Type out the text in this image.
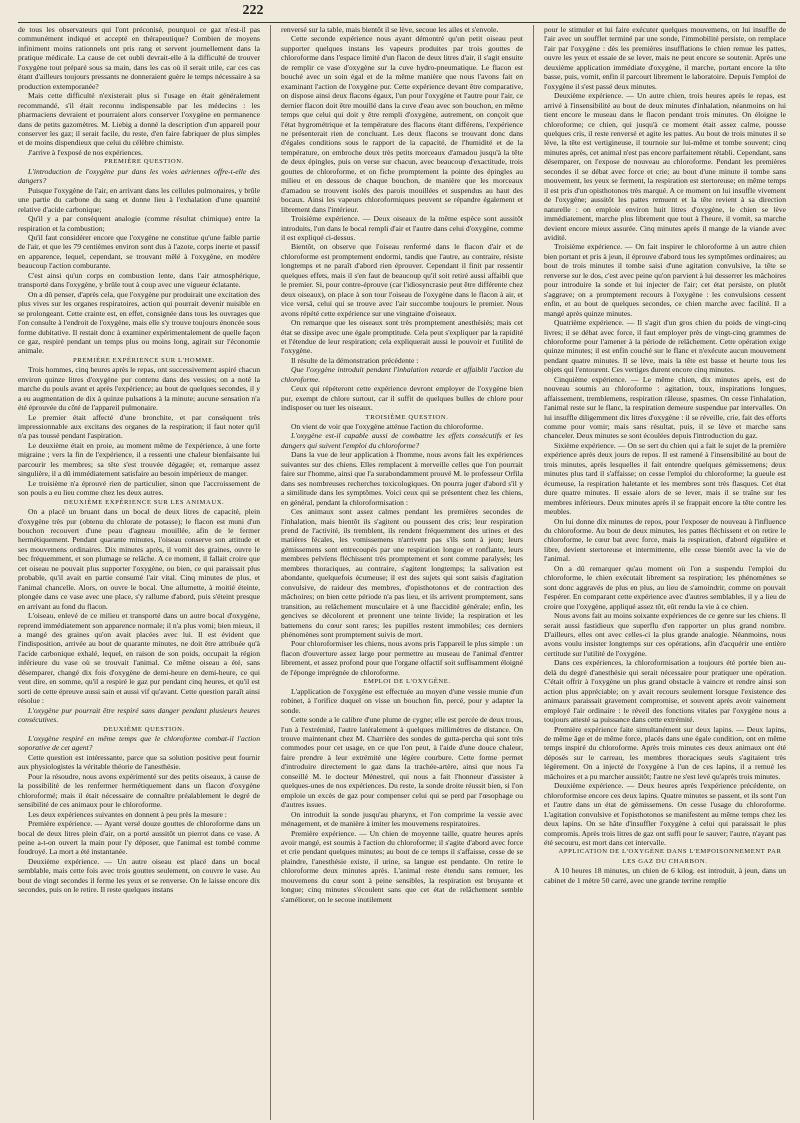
222

de tous les observateurs qui l'ont préconisé, pourquoi ce gaz n'est-il pas communément indiqué et accepté en thérapeutique? Combien de moyens infiniment moins rationnels ont pris rang et servent journellement dans la pratique médicale. La cause de cet oubli devrait-elle à la difficulté de trouver l'oxygène tout préparé sous sa main, dans les cas où il serait utile, car ces cas étant d'ailleurs toujours pressants ne donneraient guère le temps nécessaire à sa production extemporanée?

Mais cette difficulté n'existerait plus si l'usage en était généralement recommandé, s'il était reconnu indispensable par les médecins : les pharmaciens devraient et pourraient alors conserver l'oxygène en permanence dans de petits gazomètres. M. Liebig a donné la description d'un appareil pour conserver les gaz; il serait facile, du reste, d'en faire fabriquer de plus simples et de moins dispendieux que celui du célèbre chimiste.

J'arrive à l'exposé de nos expériences.

PREMIÈRE QUESTION.

L'introduction de l'oxygène pur dans les voies aériennes offre-t-elle des dangers?

Puisque l'oxygène de l'air, en arrivant dans les cellules pulmonaires, y brûle une partie du carbone du sang et donne lieu à l'exhalation d'une quantité relative d'acide carbonique;

Qu'il y a par conséquent analogie (comme résultat chimique) entre la respiration et la combustion;

Qu'il faut considérer encore que l'oxygène ne constitue qu'une faible partie de l'air, et que les 79 centièmes environ sont dus à l'azote, corps inerte et passif en apparence, lequel, cependant, se trouvant mêlé à l'oxygène, en modère beaucoup l'action comburante.

C'est ainsi qu'un corps en combustion lente, dans l'air atmosphérique, transporté dans l'oxygène, y brûle tout à coup avec une vigueur éclatante.

On a dû penser, d'après cela, que l'oxygène pur produirait une excitation des plus vives sur les organes respiratoires, action qui pourrait devenir nuisible en se prolongeant. Cette crainte est, en effet, consignée dans tous les ouvrages que l'on consulte à l'endroit de l'oxygène, mais elle s'y trouve toujours énoncée sous forme dubitative. Il restait donc à examiner expérimentalement de quelle façon ce gaz, respiré pendant un temps plus ou moins long, agirait sur l'économie animale.

PREMIÈRE EXPÉRIENCE SUR L'HOMME.

Trois hommes, cinq heures après le repas, ont successivement aspiré chacun environ quinze litres d'oxygène pur contenu dans des vessies; on a noté la marche du pouls avant et après l'expérience; au bout de quelques secondes, il y a eu augmentation de dix à quinze pulsations à la minute; aucune sensation n'a été éprouvée du côté de l'appareil pulmonaire.

Le premier était affecté d'une bronchite, et par conséquent très impressionnable aux excitans des organes de la respiration; il faut noter qu'il n'a pas toussé pendant l'aspiration.

Le deuxième était en proie, au moment même de l'expérience, à une forte migraine ; vers la fin de l'expérience, il a ressenti une chaleur bienfaisante lui parcourir les membres; sa tête s'est trouvée dégagée; et, remarque assez singulière, il a dû immédiatement satisfaire au besoin impérieux de manger.

Le troisième n'a éprouvé rien de particulier, sinon que l'accroissement de son pouls a eu lieu comme chez les deux autres.

DEUXIÈME EXPÉRIENCE SUR LES ANIMAUX.

On a placé un bruant dans un bocal de deux litres de capacité, plein d'oxygène très pur (obtenu du chlorate de potasse); le flacon est muni d'un bouchon recouvert d'une peau d'agneau mouillée, afin de le fermer hermétiquement. Pendant quarante minutes, l'oiseau conserve son attitude et ses mouvemens ordinaires. Dix minutes après, il vomit des graines, ouvre le bec fréquemment, et son plumage se relâche. A ce moment, il fallait croire que cet oiseau ne pouvait plus supporter l'oxygène, ou bien, ce qui paraissait plus probable, qu'il avait en partie consumé l'air vital. Cinq minutes de plus, et l'animal chancelle. Alors, on ouvre le bocal. Une allumette, à moitié éteinte, plongée dans ce vase avec une place, s'y rallume d'abord, puis s'éteint presque en arrivant au fond du flacon.

L'oiseau, enlevé de ce milieu et transporté dans un autre bocal d'oxygène, reprend immédiatement son apparence normale; il n'a plus vomi; bien mieux, il a mangé des graines qu'on avait placées avec lui. Il est évident que l'indisposition, arrivée au bout de quarante minutes, ne doit être attribuée qu'à l'acide carbonique exhalé, lequel, en raison de son poids, occupait la région inférieure du vase où se trouvait l'animal. Ce même oiseau a été, sans désemparer, changé dix fois d'oxygène de demi-heure en demi-heure, ce qui veut dire, en somme, qu'il a respiré le gaz pur pendant cinq heures, et qu'il est sorti de cette épreuve aussi sain et aussi vif qu'avant. Cette question paraît ainsi résolue :

L'oxygène pur pourrait être respiré sans danger pendant plusieurs heures consécutives.

DEUXIÈME QUESTION.

L'oxygène respiré en même temps que le chloroforme combat-il l'action soporative de cet agent?

Cette question est intéressante, parce que sa solution positive peut fournir aux physiologistes la véritable théorie de l'anesthésie.

Pour la résoudre, nous avons expérimenté sur des petits oiseaux, à cause de la possibilité de les renfermer hermétiquement dans un flacon d'oxygène chloroformé; mais il était nécessaire de connaître préalablement le degré de sensibilité de ces animaux pour le chloroforme.

Les deux expériences suivantes en donnent à peu près la mesure :

Première expérience. — Ayant versé douze gouttes de chloroforme dans un bocal de deux litres plein d'air, on a porté aussitôt un pierrot dans ce vase. A peine a-t-on ouvert la main pour l'y déposer, que l'animal est tombé comme foudroyé. La mort a été instantanée.

Deuxième expérience. — Un autre oiseau est placé dans un bocal semblable, mais cette fois avec trois gouttes seulement, on couvre le vase. Au bout de vingt secondes il ferme les yeux et se renverse. On le laisse encore dix secondes, puis on le retire. Il reste quelques instans

renversé sur la table, mais bientôt il se lève, secoue les ailes et s'envole.

Cette seconde expérience nous ayant démontré qu'un petit oiseau peut supporter quelques instans les vapeurs produites par trois gouttes de chloroforme dans l'espace limité d'un flacon de deux litres d'air, il s'agit ensuite de remplir ce vase d'oxygène sur la cuve hydro-pneumatique. Le flacon est bouché avec un soin égal et de la même manière que nous l'avons fait en examinant l'action de l'oxygène pur. Cette expérience devant être comparative, on dispose ainsi deux flacons égaux, l'un pour l'oxygène et l'autre pour l'air, ce dernier flacon doit être mouillé dans la cuve d'eau avec son bouchon, en même temps que celui qui doit y être rempli d'oxygène, autrement, on conçoit que l'état hygrométrique et la température des flacons étant différens, l'expérience ne présenterait rien de concluant. Les deux flacons se trouvant donc dans d'égales conditions sous le rapport de la capacité, de l'humidité et de la température, on embroche deux très petits morceaux d'amadou jusqu'à la tête de deux épingles, puis on verse sur chacun, avec beaucoup d'exactitude, trois gouttes de chloroforme, et on fiche promptement la pointe des épingles au milieu et en dessous de chaque bouchon, de manière que les morceaux d'amadou se trouvent isolés des parois mouillées et suspendus au haut des bocaux. Ainsi les vapeurs chloroformiques peuvent se répandre également et librement dans l'intérieur.

Troisième expérience. — Deux oiseaux de la même espèce sont aussitôt introduits, l'un dans le bocal rempli d'air et l'autre dans celui d'oxygène, comme il est expliqué ci-dessus.

Bientôt, on observe que l'oiseau renfermé dans le flacon d'air et de chloroforme est promptement endormi, tandis que l'autre, au contraire, résiste longtemps et ne paraît d'abord rien éprouver. Cependant il finit par ressentir quelques effets, mais il s'en faut de beaucoup qu'il soit retiré aussi affaibli que le premier. Si, pour contre-éprouve (car l'idiosyncrasie peut être différente chez deux oiseaux), on place à son tour l'oiseau de l'oxygène dans le flacon à air, et vice versâ, celui qui se trouve avec l'air succombe toujours le premier. Nous avons répété cette expérience sur une vingtaine d'oiseaux.

On remarque que les oiseaux sont très promptement anesthésiés; mais cet état se dissipe avec une égale promptitude. Cela peut s'expliquer par la rapidité et l'étendue de leur respiration; cela expliquerait aussi le pouvoir et l'utilité de l'oxygène.

Il résulte de la démonstration précédente :

Que l'oxygène introduit pendant l'inhalation retarde et affaiblit l'action du chloroforme.

Ceux qui répéteront cette expérience devront employer de l'oxygène bien pur, exempt de chlore surtout, car il suffit de quelques bulles de chlore pour indisposer ou tuer les oiseaux.

TROISIÈME QUESTION.

On vient de voir que l'oxygène atténue l'action du chloroforme.

L'oxygène est-il capable aussi de combattre les effets consécutifs et les dangers qui suivent l'emploi du chloroforme?

Dans la vue de leur application à l'homme, nous avons fait les expériences suivantes sur des chiens. Elles remplacent à merveille celles que l'on pourrait faire sur l'homme, ainsi que l'a surabondamment prouvé M. le professeur Orfila dans ses nombreuses recherches toxicologiques. On pourra juger d'abord s'il y a similitude dans les symptômes. Voici ceux qui se présentent chez les chiens, en général, pendant la chloroformisation :

Ces animaux sont assez calmes pendant les premières secondes de l'inhalation, mais bientôt ils s'agitent ou poussent des cris; leur respiration prend de l'activité, ils tremblent, ils rendent fréquemment des urines et des matières fécales, les vomissemens n'arrivent pas s'ils sont à jeun; leurs gémissemens sont entrecoupés par une respiration longue et ronflante, leurs membres pelvïens fléchissent très promptement et sont comme paralysés; les membres thoraciques, au contraire, s'agitent longtemps; la salivation est abondante, quelquefois écumeuse; il est des sujets qui sont saisis d'agitation convulsive, de raideur des membres, d'opisthotonos et de contraction des mâchoires; on bien cette période n'a pas lieu, et ils arrivent promptement, sans transition, au relâchement musculaire et à une flaccidité générale; enfin, les gencives se décolorent et prennent une teinte livide; la respiration et les battemens du cœur sont rares; les pupilles restent immobiles; ces derniers phénomènes sont promptement suivis de mort.

Pour chloroformiser les chiens, nous avons pris l'appareil le plus simple : un flacon d'ouverture assez large pour permettre au museau de l'animal d'entrer librement, et assez profond pour que l'organe olfactif soit suffisamment éloigné de l'éponge imprégnée de chloroforme.

EMPLOI DE L'OXYGÈNE.

L'application de l'oxygène est effectuée au moyen d'une vessie munie d'un robinet, à l'orifice duquel on visse un bouchon fin, percé, pour y adapter la sonde.

Cette sonde a le calibre d'une plume de cygne; elle est percée de deux trous, l'un à l'extrémité, l'autre latéralement à quelques millimètres de distance. On trouve maintenant chez M. Charrière des sondes de gutta-percha qui sont très commodes pour cet usage, en ce que l'on peut, à l'aide d'une douce chaleur, faire prendre à leur extrémité une légère courbure. Cette forme permet d'introduire directement le gaz dans la trachée-artère, ainsi que nous l'a conseillé M. le docteur Ménestrel, qui nous a fait l'honneur d'assister à quelques-unes de nos expériences. Du reste, la sonde droite réussit bien, si l'on emploie un excès de gaz pour compenser celui qui se perd par l'œsophage ou d'autres issues.

On introduit la sonde jusqu'au pharynx, et l'on comprime la vessie avec ménagement, et de manière à imiter les mouvemens respiratoires.

Première expérience. — Un chien de moyenne taille, quatre heures après avoir mangé, est soumis à l'action du chloroforme; il s'agite d'abord avec force et crie pendant quelques minutes; au bout de ce temps il s'affaisse, cesse de se plaindre, l'anesthésie existe, il urine, sa langue est pendante. On retire le chloroforme deux minutes après. L'animal reste étendu sans remuer, les mouvemens du cœur sont à peine sensibles, la respiration est bruyante et longue; cinq minutes s'écoulent sans que cet état de relâchement semble s'améliorer, on le secoue inutilement

pour le stimuler et lui faire exécuter quelques mouvemens, on lui insuffle de l'air avec un soufflet terminé par une sonde, l'immobilité persiste, on remplace l'air par l'oxygène : dès les premières insufflations le chien remue les pattes, ouvre les yeux et essaie de se lever, mais ne peut encore se soutenir. Après une deuxième application immédiate d'oxygène, il marche, portant encore la tête basse, puis, vomit, enfin il parcourt librement le laboratoire. Depuis l'emploi de l'oxygène il s'est passé deux minutes.

Deuxième expérience. — Un autre chien, trois heures après le repas, est arrivé à l'insensibilité au bout de deux minutes d'inhalation, néanmoins on lui tient encore le museau dans le flacon pendant trois minutes. On éloigne le chloroforme; ce chien, qui jusqu'à ce moment était assez calme, pousse quelques cris, il reste renversé et agite les pattes. Au bout de trois minutes il se lève, la tête est vertigineuse, il tournoie sur lui-même et tombe souvent; cinq minutes après, cet animal n'est pas encore parfaitement rétabli. Cependant, sans désemparer, on l'expose de nouveau au chloroforme. Pendant les premières secondes il se débat avec force et crie; au bout d'une minute il tombe sans mouvement, les yeux se ferment, la respiration est stertoreuse; en même temps il est pris d'un opisthotonos très marqué. A ce moment on lui insuffle vivement de l'oxygène; aussitôt les pattes remuent et la tête revient à sa direction naturelle : on emploie environ huit litres d'oxygène, le chien se lève immédiatement, marche plus librement que tout à l'heure, il vomit, sa marche devient encore mieux assurée. Cinq minutes après il mange de la viande avec avidité.

Troisième expérience. — On fait inspirer le chloroforme à un autre chien bien portant et pris à jeun, il éprouve d'abord tous les symptômes ordinaires; au bout de trois minutes il tombe saisi d'une agitation convulsive, la tête se renverse sur le dos, c'est avec peine qu'on parvient à lui desserrer les mâchoires pour introduire la sonde et lui injecter de l'air; cet état persiste, on plutôt s'aggrave; on a promptement recours à l'oxygène : les convulsions cessent enfin, et au bout de quelques secondes, ce chien marche avec facilité. Il a mangé après quinze minutes.

Quatrième expérience. — Il s'agit d'un gros chien du poids de vingt-cinq livres; il se débat avec force, il faut employer près de vingt-cinq grammes de chloroforme pour l'amener à la période de relâchement. Cette opération exige quinze minutes; il est enfin couché sur le flanc et n'exécute aucun mouvement pendant quatre minutes. Il se lève, mais la tête est basse et heurte tous les objets qui l'entourent. Ces vertiges durent encore cinq minutes.

Cinquième expérience. — Le même chien, dix minutes après, est de nouveau soumis au chloroforme : agitation, toux, inspirations longues, affaissement, tremblemens, respiration râleuse, spasmes. On cesse l'inhalation, l'animal reste sur le flanc, la respiration demeure suspendue par intervalles. On lui insuffle diligemment dix litres d'oxygène : il se réveille, crie, fait des efforts comme pour vomir; mais sans résultat, puis, il se lève et marche sans chanceler. Deux minutes se sont écoulées depuis l'introduction du gaz.

Sixième expérience. — On se sert du chien qui a fait le sujet de la première expérience après deux jours de repos. Il est ramené à l'insensibilité au bout de trois minutes, après lesquelles il fait entendre quelques gémissemens; deux minutes plus tard il s'affaisse; on cesse l'emploi du chloroforme; la gueule est écumeuse, la respiration haletante et les membres sont très flasques. Cet état dure quatre minutes. Il essaie alors de se lever, mais il se traîne sur les membres inférieurs. Deux minutes après il se frappait encore la tête contre les meubles.

On lui donne dix minutes de repos, pour l'exposer de nouveau à l'influence du chloroforme. Au bout de deux minutes, les pattes fléchissent et on retire le chloroforme, le cœur bat avec force, mais la respiration, d'abord régulière et libre, devient stertoreuse et intermittente, elle cesse bientôt avec la vie de l'animal.

On a dû remarquer qu'au moment où l'on a suspendu l'emploi du chloroforme, le chien exécutait librement sa respiration; les phénomènes se sont donc aggravés de plus en plus, au lieu de s'amoindrir, comme on pouvait l'espérer. En comparant cette expérience avec d'autres semblables, il y a lieu de croire que l'oxygène, appliqué assez tôt, eût rendu la vie à ce chien.

Nous avons fait au moins soixante expériences de ce genre sur les chiens. Il serait aussi fastidieux que superflu d'en rapporter un plus grand nombre. D'ailleurs, elles ont avec celles-ci la plus grande analogie. Néanmoins, nous avons voulu insister longtemps sur ces opérations, afin d'acquérir une entière certitude sur l'utilité de l'oxygène.

Dans ces expériences, la chloroformisation a toujours été portée bien au-delà du degré d'anesthésie qui serait nécessaire pour pratiquer une opération. C'était offrir à l'oxygène un plus grand obstacle à vaincre et rendre ainsi son action plus appréciable; on y avait recours seulement lorsque l'existence des animaux paraissait gravement compromise, et souvent après avoir vainement employé l'air ordinaire : le réveil des fonctions vitales par l'oxygène nous a toujours attesté sa puissance dans cette extrémité.

Première expérience faite simultanément sur deux lapins. — Deux lapins, de même âge et de même force, placés dans une égale condition, ont en même temps inspiré du chloroforme. Après trois minutes ces deux animaux ont été déposés sur le carreau, les membres thoraciques seuls s'agitaient très légèrement. On a injecté de l'oxygène à l'un de ces lapins, il a remué les mâchoires et a pu marcher aussitôt; l'autre ne s'est levé qu'après trois minutes.

Deuxième expérience. — Deux heures après l'expérience précédente, on chloroformise encore ces deux lapins. Quatre minutes se passent, et ils sont l'un et l'autre dans un état de gémissemens. On cesse l'usage du chloroforme. L'agitation convulsive et l'opisthotonos se manifestent au même temps chez les deux lapins. On se hâte d'insuffler l'oxygène à celui qui paraissait le plus compromis. Après trois litres de gaz ont suffi pour le sauver; l'autre, n'ayant pas été secouru, est mort dans cet intervalle.

APPLICATION DE L'OXYGÈNE DANS L'EMPOISONNEMENT PAR LES GAZ DU CHARBON.

A 10 heures 18 minutes, un chien de 6 kilog. est introduit, à jeun, dans un cabinet de 1 mètre 50 carré, avec une grande terrine remplie
